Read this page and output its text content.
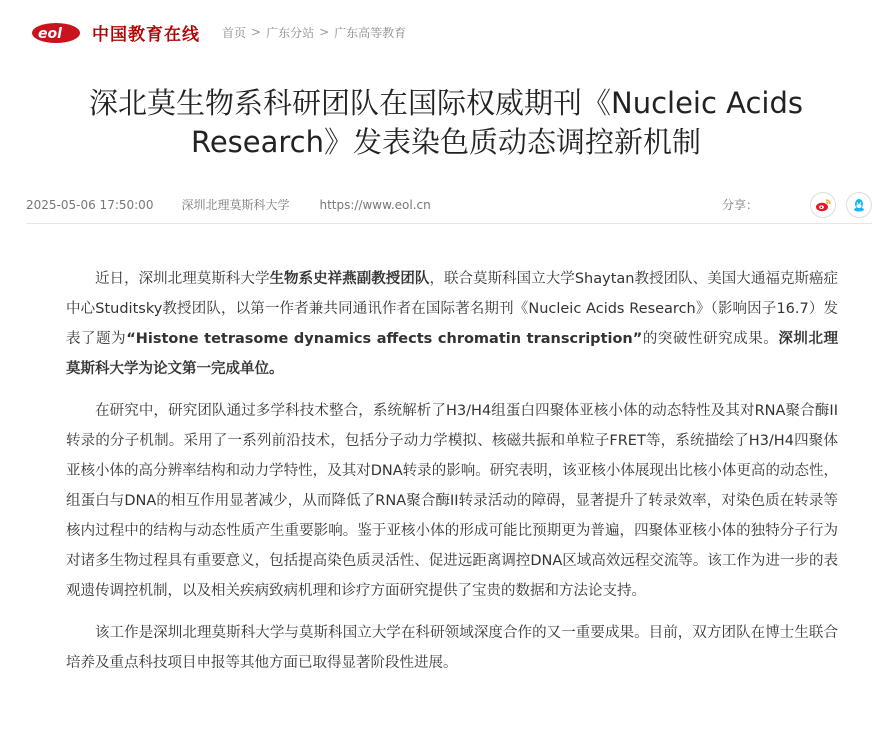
eol 中国教育在线 首页 > 广东分站 > 广东高等教育
深北莫生物系科研团队在国际权威期刊《Nucleic Acids Research》发表染色质动态调控新机制
2025-05-06 17:50:00 深圳北理莫斯科大学	https://www.eol.cn	分享：

近日，深圳北理莫斯科大学生物系史祥燕副教授团队，联合莫斯科国立大学Shaytan教授团队、美国大通福克斯癌症中心Studitsky教授团队，以第一作者兼共同通讯作者在国际著名期刊《Nucleic Acids Research》（影响因子16.7）发表了题为“Histone tetrasome dynamics affects chromatin transcription”的突破性研究成果。深圳北理莫斯科大学为论文第一完成单位。

在研究中，研究团队通过多学科技术整合，系统解析了H3/H4组蛋白四聚体亚核小体的动态特性及其对RNA聚合酶II转录的分子机制。采用了一系列前沿技术，包括分子动力学模拟、核磁共振和单粒子FRET等，系统描绘了H3/H4四聚体亚核小体的高分辨率结构和动力学特性，及其对DNA转录的影响。研究表明，该亚核小体展现出比核小体更高的动态性，组蛋白与DNA的相互作用显著减少，从而降低了RNA聚合酶II转录活动的障碍，显著提升了转录效率，对染色质在转录等核内过程中的结构与动态性质产生重要影响。鉴于亚核小体的形成可能比预期更为普遍，四聚体亚核小体的独特分子行为对诸多生物过程具有重要意义，包括提高染色质灵活性、促进远距离调控DNA区域高效远程交流等。该工作为进一步的表观遗传调控机制，以及相关疾病致病机理和诊疗方面研究提供了宝贵的数据和方法论支持。

该工作是深圳北理莫斯科大学与莫斯科国立大学在科研领域深度合作的又一重要成果。目前，双方团队在博士生联合培养及重点科技项目申报等其他方面已取得显著阶段性进展。
